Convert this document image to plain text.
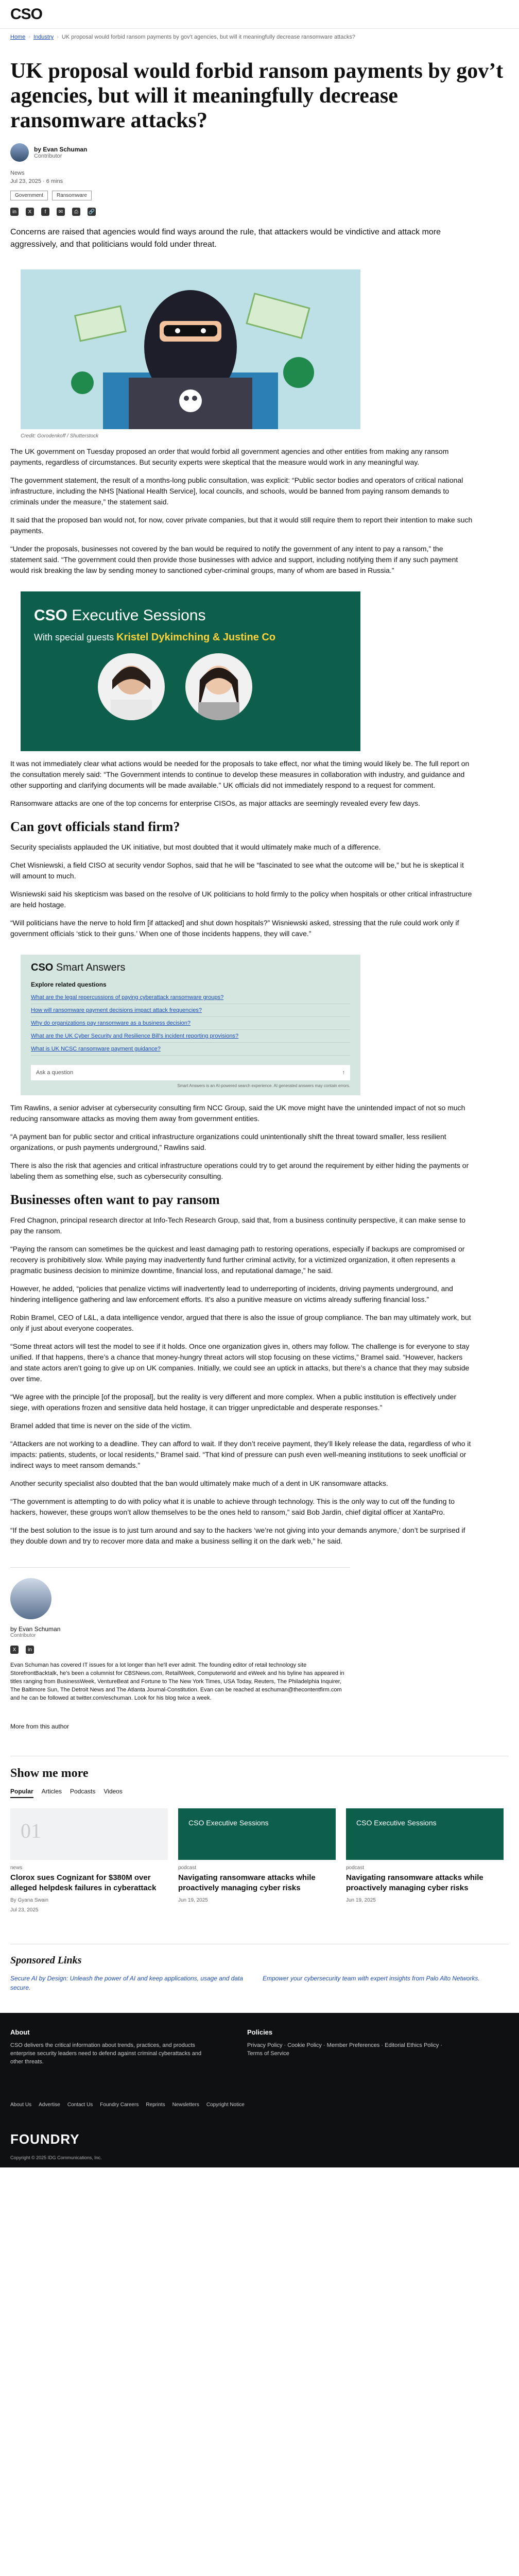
CSO
Home › Industry › UK proposal would forbid ransom payments by gov't agencies, but will it meaningfully decrease ransomware attacks?
UK proposal would forbid ransom payments by gov’t agencies, but will it meaningfully decrease ransomware attacks?
by Evan Schuman
Contributor
News
Jul 23, 2025 · 6 mins
Government	Ransomware
in	X	f	✉	⎙	🔗

Concerns are raised that agencies would find ways around the rule, that attackers would be vindictive and attack more aggressively, and that politicians would fold under threat.

Credit: Gorodenkoff / Shutterstock

The UK government on Tuesday proposed an order that would forbid all government agencies and other entities from making any ransom payments, regardless of circumstances. But security experts were skeptical that the measure would work in any meaningful way.

The government statement, the result of a months-long public consultation, was explicit: “Public sector bodies and operators of critical national infrastructure, including the NHS [National Health Service], local councils, and schools, would be banned from paying ransom demands to criminals under the measure,” the statement said.

It said that the proposed ban would not, for now, cover private companies, but that it would still require them to report their intention to make such payments.

“Under the proposals, businesses not covered by the ban would be required to notify the government of any intent to pay a ransom,” the statement said. “The government could then provide those businesses with advice and support, including notifying them if any such payment would risk breaking the law by sending money to sanctioned cyber-criminal groups, many of whom are based in Russia.”

CSO Executive Sessions
With special guests Kristel Dykimching & Justine Co

It was not immediately clear what actions would be needed for the proposals to take effect, nor what the timing would likely be. The full report on the consultation merely said: “The Government intends to continue to develop these measures in collaboration with industry, and guidance and other supporting and clarifying documents will be made available.” UK officials did not immediately respond to a request for comment.

Ransomware attacks are one of the top concerns for enterprise CISOs, as major attacks are seemingly revealed every few days.

Can govt officials stand firm?

Security specialists applauded the UK initiative, but most doubted that it would ultimately make much of a difference.

Chet Wisniewski, a field CISO at security vendor Sophos, said that he will be “fascinated to see what the outcome will be,” but he is skeptical it will amount to much.

Wisniewski said his skepticism was based on the resolve of UK politicians to hold firmly to the policy when hospitals or other critical infrastructure are held hostage.

“Will politicians have the nerve to hold firm [if attacked] and shut down hospitals?” Wisniewski asked, stressing that the rule could work only if government officials ‘stick to their guns.’ When one of those incidents happens, they will cave.”

CSO Smart Answers
Explore related questions
What are the legal repercussions of paying cyberattack ransomware groups?
How will ransomware payment decisions impact attack frequencies?
Why do organizations pay ransomware as a business decision?
What are the UK Cyber Security and Resilience Bill's incident reporting provisions?
What is UK NCSC ransomware payment guidance?
Ask a question	↑
Smart Answers is an AI-powered search experience. AI generated answers may contain errors.

Tim Rawlins, a senior adviser at cybersecurity consulting firm NCC Group, said the UK move might have the unintended impact of not so much reducing ransomware attacks as moving them away from government entities.

“A payment ban for public sector and critical infrastructure organizations could unintentionally shift the threat toward smaller, less resilient organizations, or push payments underground,” Rawlins said.

There is also the risk that agencies and critical infrastructure operations could try to get around the requirement by either hiding the payments or labeling them as something else, such as cybersecurity consulting.

Businesses often want to pay ransom

Fred Chagnon, principal research director at Info-Tech Research Group, said that, from a business continuity perspective, it can make sense to pay the ransom.

“Paying the ransom can sometimes be the quickest and least damaging path to restoring operations, especially if backups are compromised or recovery is prohibitively slow. While paying may inadvertently fund further criminal activity, for a victimized organization, it often represents a pragmatic business decision to minimize downtime, financial loss, and reputational damage,” he said.

However, he added, “policies that penalize victims will inadvertently lead to underreporting of incidents, driving payments underground, and hindering intelligence gathering and law enforcement efforts. It’s also a punitive measure on victims already suffering financial loss.”

Robin Bramel, CEO of L&L, a data intelligence vendor, argued that there is also the issue of group compliance. The ban may ultimately work, but only if just about everyone cooperates.

“Some threat actors will test the model to see if it holds. Once one organization gives in, others may follow. The challenge is for everyone to stay unified. If that happens, there’s a chance that money-hungry threat actors will stop focusing on these victims,” Bramel said. “However, hackers and state actors aren’t going to give up on UK companies. Initially, we could see an uptick in attacks, but there’s a chance that they may subside over time.

“We agree with the principle [of the proposal], but the reality is very different and more complex. When a public institution is effectively under siege, with operations frozen and sensitive data held hostage, it can trigger unpredictable and desperate responses.”

Bramel added that time is never on the side of the victim.

“Attackers are not working to a deadline. They can afford to wait. If they don’t receive payment, they’ll likely release the data, regardless of who it impacts: patients, students, or local residents,” Bramel said. “That kind of pressure can push even well-meaning institutions to seek unofficial or indirect ways to meet ransom demands.”

Another security specialist also doubted that the ban would ultimately make much of a dent in UK ransomware attacks.

“The government is attempting to do with policy what it is unable to achieve through technology. This is the only way to cut off the funding to hackers, however, these groups won’t allow themselves to be the ones held to ransom,” said Bob Jardin, chief digital officer at XantaPro.

“If the best solution to the issue is to just turn around and say to the hackers ‘we’re not giving into your demands anymore,’ don’t be surprised if they double down and try to recover more data and make a business selling it on the dark web,” he said.

by Evan Schuman
Contributor
X	in

Evan Schuman has covered IT issues for a lot longer than he'll ever admit. The founding editor of retail technology site StorefrontBacktalk, he's been a columnist for CBSNews.com, RetailWeek, Computerworld and eWeek and his byline has appeared in titles ranging from BusinessWeek, VentureBeat and Fortune to The New York Times, USA Today, Reuters, The Philadelphia Inquirer, The Baltimore Sun, The Detroit News and The Atlanta Journal-Constitution. Evan can be reached at eschuman@thecontentfirm.com and he can be followed at twitter.com/eschuman. Look for his blog twice a week.

More from this author
Show me more
Popular Articles Podcasts Videos
01
news
Clorox sues Cognizant for $380M over alleged helpdesk failures in cyberattack
By Gyana Swain
Jul 23, 2025
CSO Executive Sessions
podcast
Navigating ransomware attacks while proactively managing cyber risks
Jun 19, 2025
CSO Executive Sessions
podcast
Navigating ransomware attacks while proactively managing cyber risks
Jun 19, 2025
Sponsored Links
Secure AI by Design: Unleash the power of AI and keep applications, usage and data secure.
Empower your cybersecurity team with expert insights from Palo Alto Networks.
About

CSO delivers the critical information about trends, practices, and products enterprise security leaders need to defend against criminal cyberattacks and other threats.

Policies

Privacy Policy · Cookie Policy · Member Preferences · Editorial Ethics Policy · Terms of Service

About Us Advertise Contact Us Foundry Careers Reprints Newsletters Copyright Notice
FOUNDRY
Copyright © 2025 IDG Communications, Inc.
